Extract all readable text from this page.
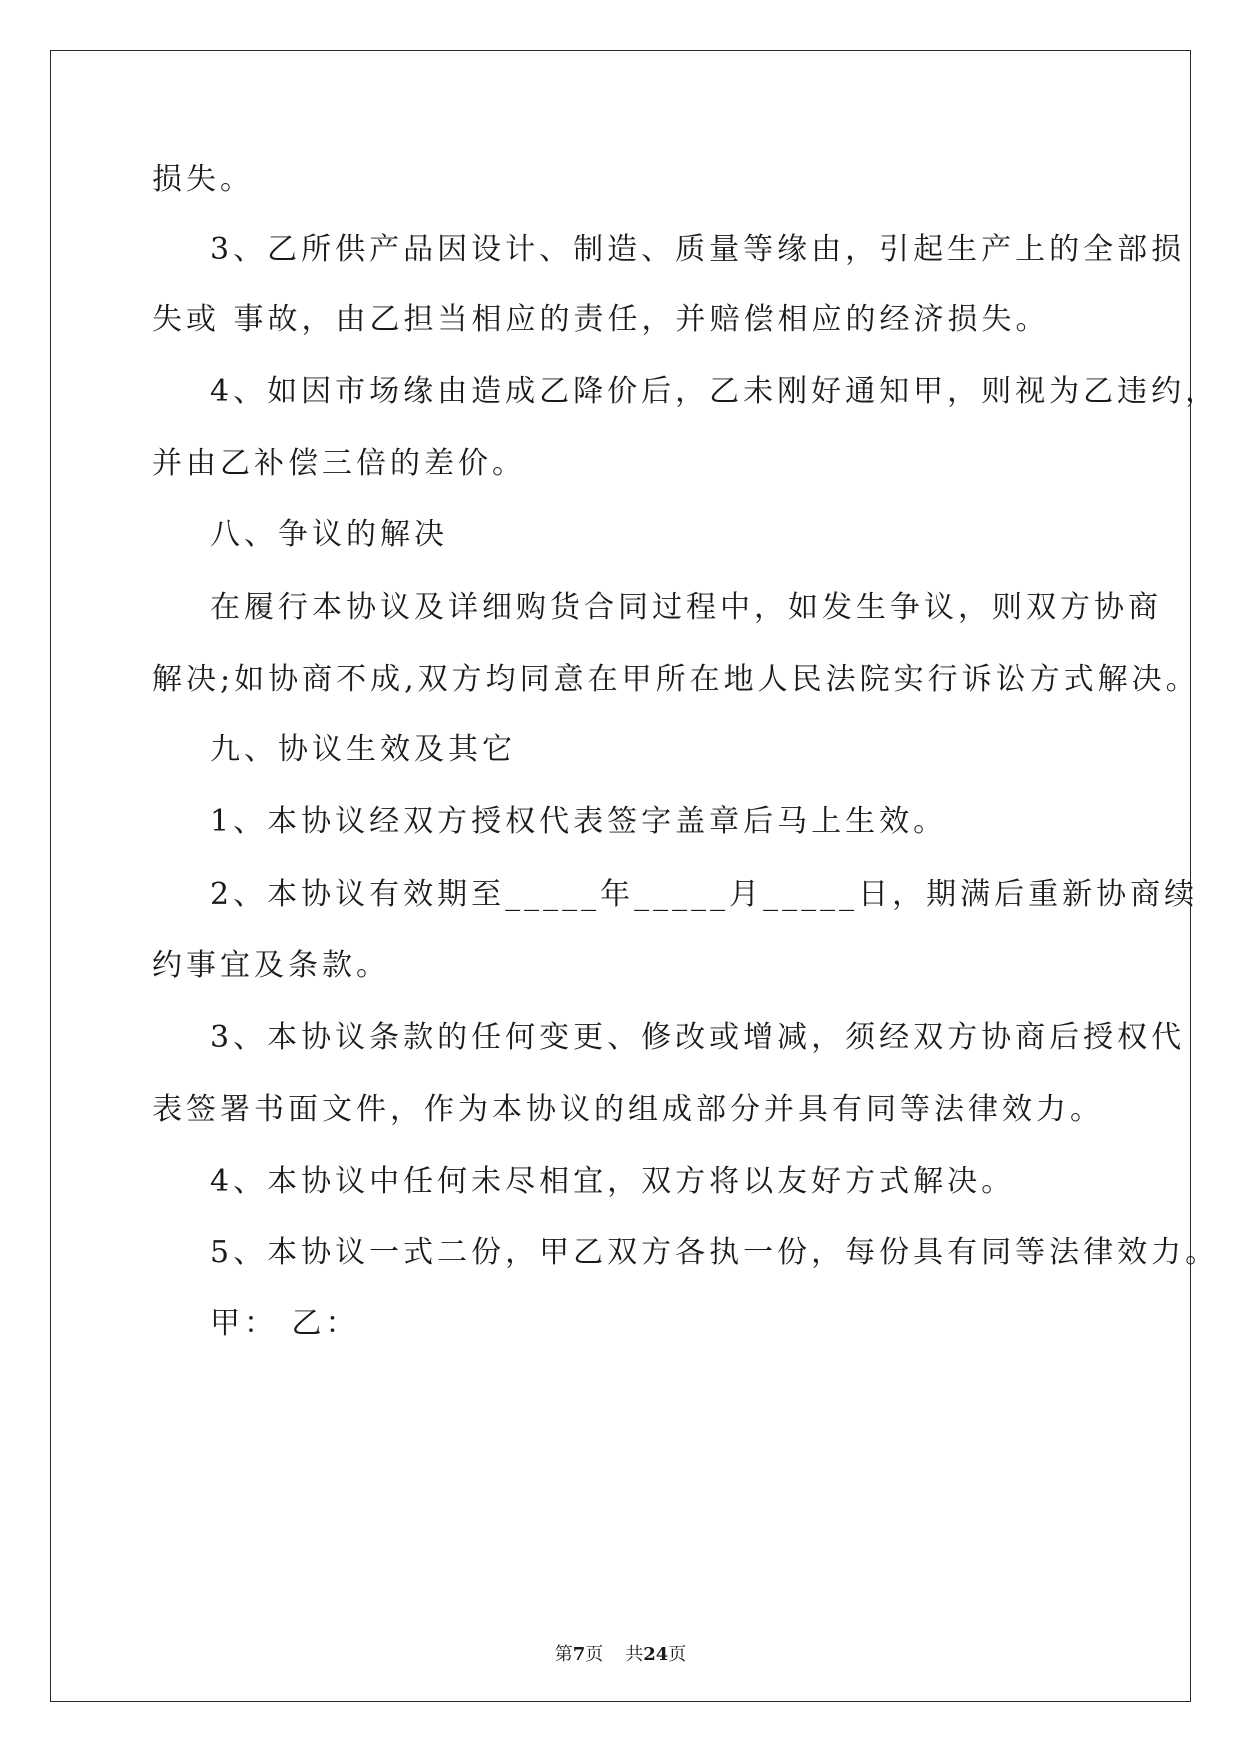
损失。
3、乙所供产品因设计、制造、质量等缘由，引起生产上的全部损
失或 事故，由乙担当相应的责任，并赔偿相应的经济损失。
4、如因市场缘由造成乙降价后，乙未刚好通知甲，则视为乙违约，
并由乙补偿三倍的差价。
八、争议的解决
在履行本协议及详细购货合同过程中，如发生争议，则双方协商
解决;如协商不成,双方均同意在甲所在地人民法院实行诉讼方式解决。
九、协议生效及其它
1、本协议经双方授权代表签字盖章后马上生效。
2、本协议有效期至_____年_____月_____日，期满后重新协商续
约事宜及条款。
3、本协议条款的任何变更、修改或增减，须经双方协商后授权代
表签署书面文件，作为本协议的组成部分并具有同等法律效力。
4、本协议中任何未尽相宜，双方将以友好方式解决。
5、本协议一式二份，甲乙双方各执一份，每份具有同等法律效力。
甲： 乙：
第7页 共24页
